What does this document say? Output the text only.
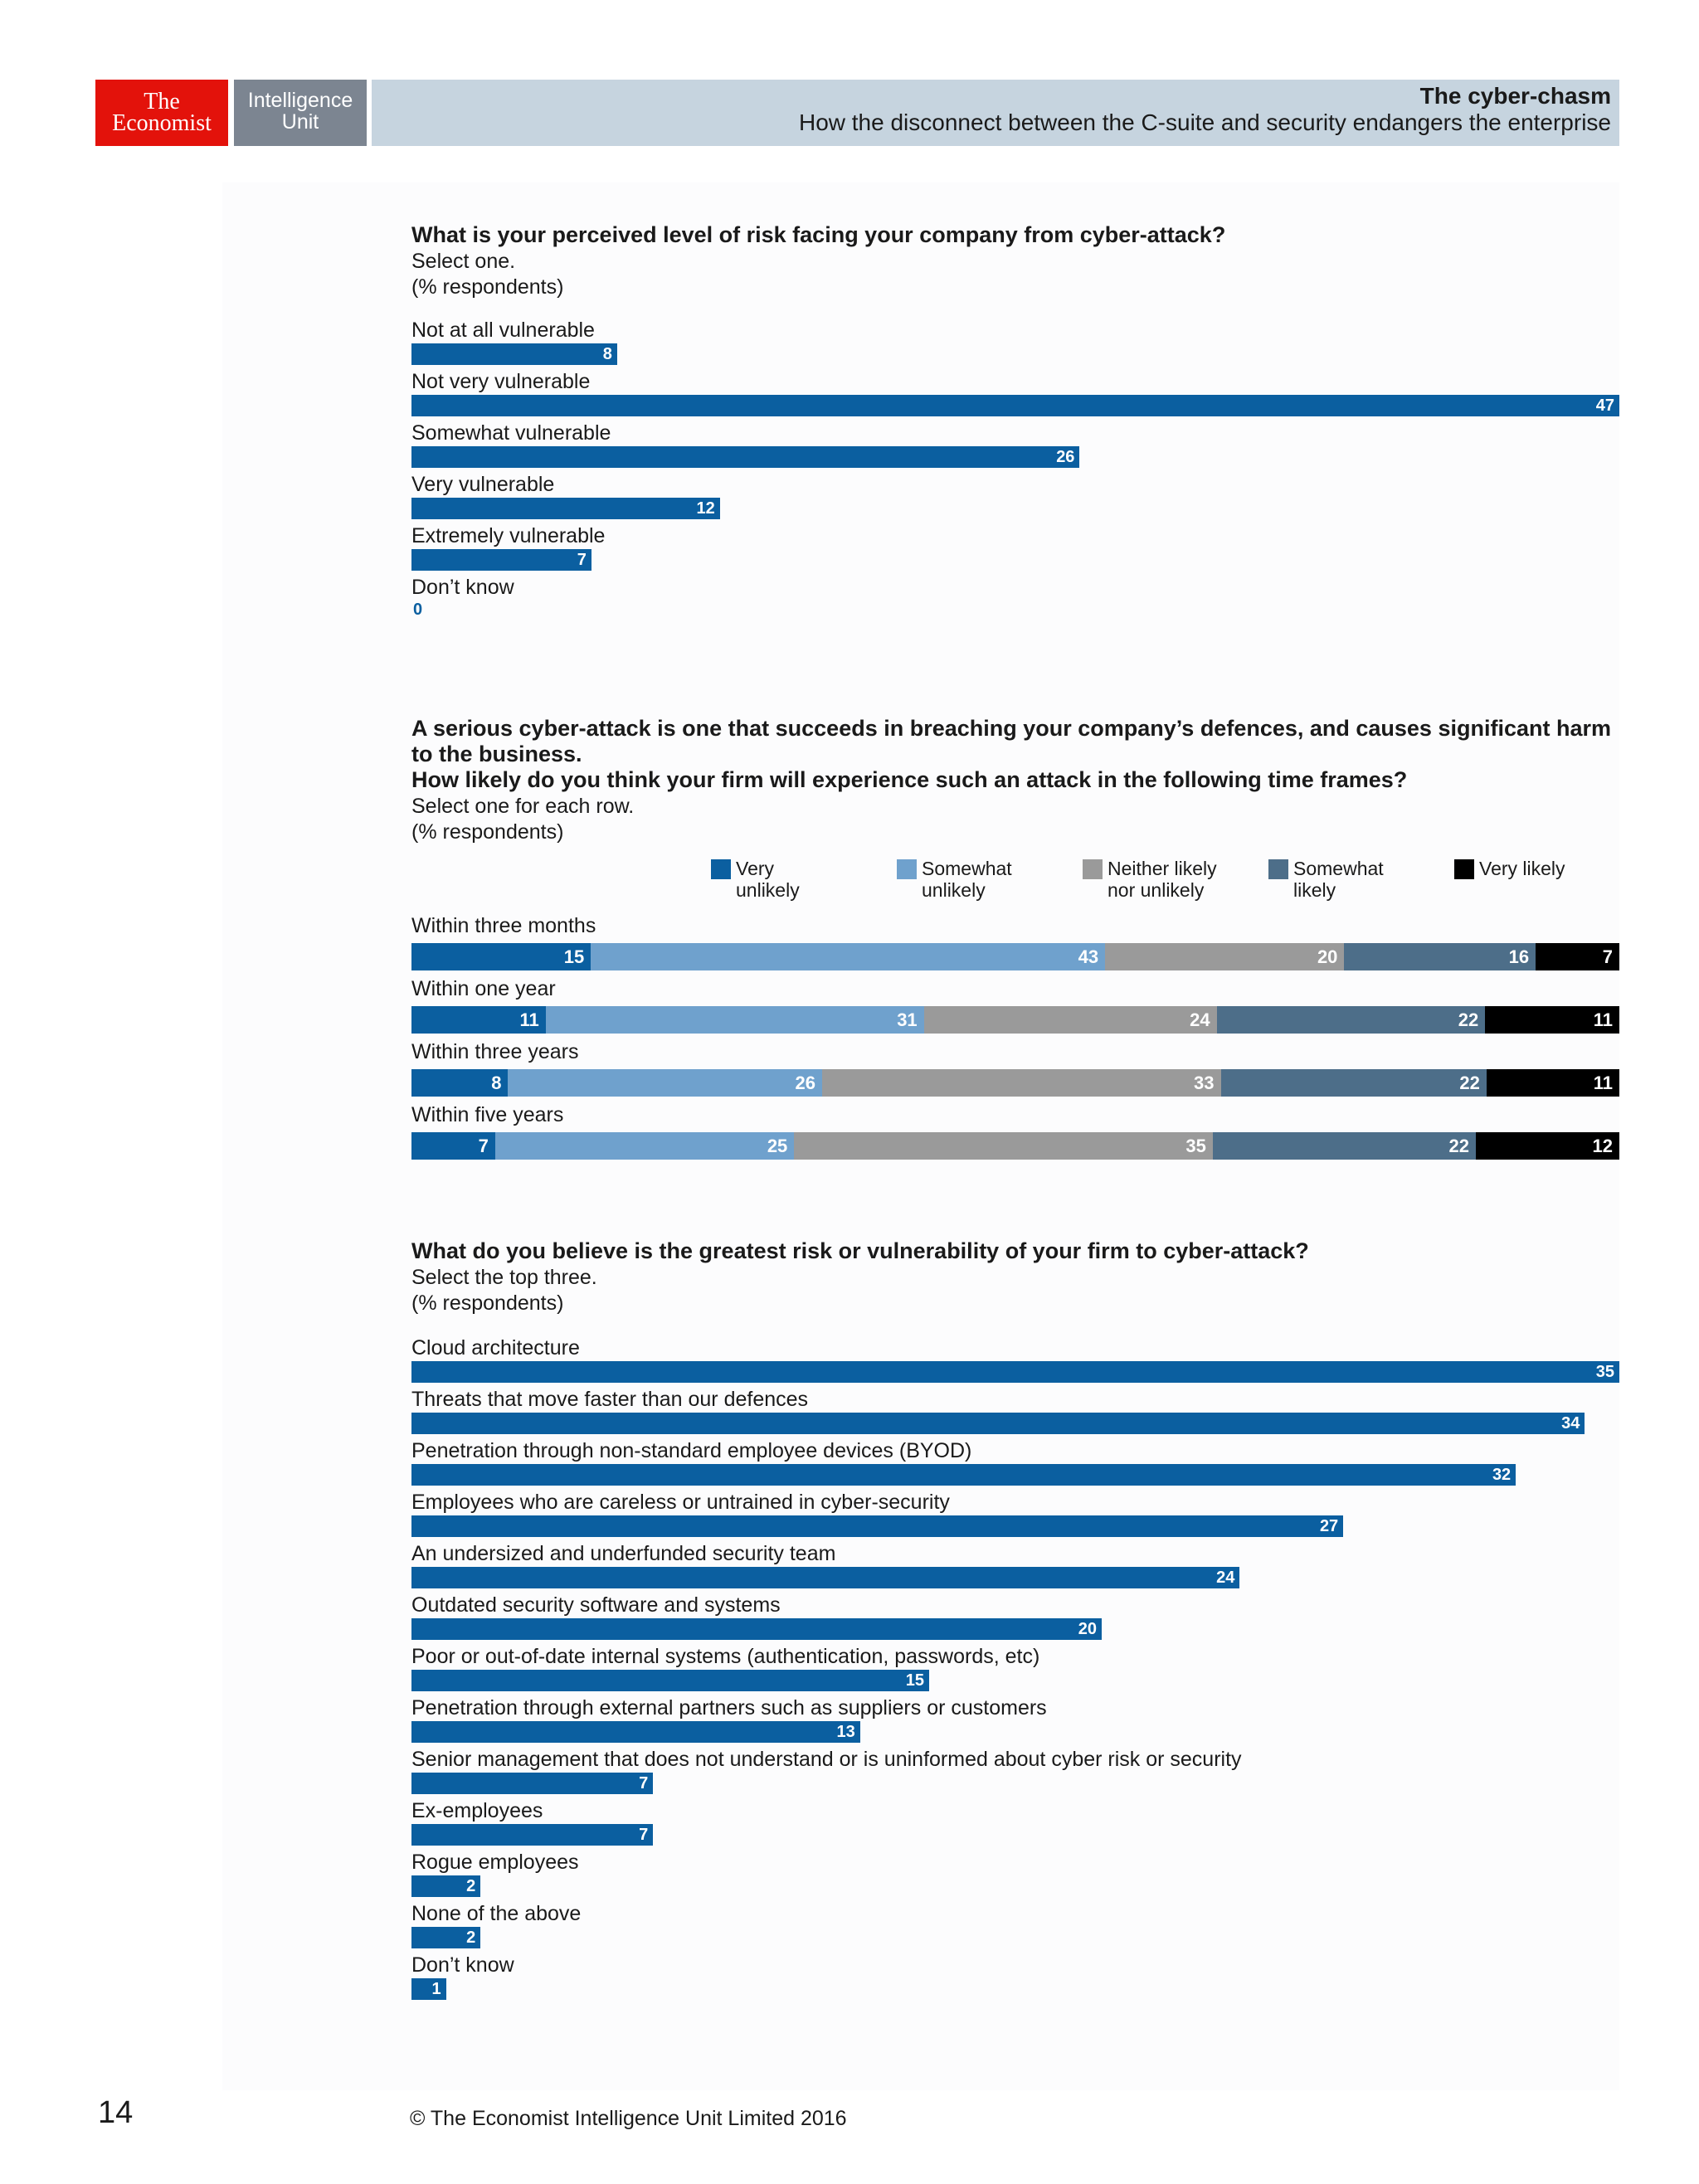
The
Economist
Intelligence
Unit
The cyber-chasm
How the disconnect between the C-suite and security endangers the enterprise
What is your perceived level of risk facing your company from cyber-attack?
Select one.
(% respondents)
Not at all vulnerable
8
Not very vulnerable
47
Somewhat vulnerable
26
Very vulnerable
12
Extremely vulnerable
7
Don’t know
0
A serious cyber-attack is one that succeeds in breaching your company’s defences, and causes significant harm to the business.
How likely do you think your firm will experience such an attack in the following time frames?
Select one for each row.
(% respondents)
Very
unlikely
Somewhat
unlikely
Neither likely
nor unlikely
Somewhat
likely
Very likely
Within three months
15	43	20	16	7
Within one year
11	31	24	22	11
Within three years
8	26	33	22	11
Within five years
7	25	35	22	12
What do you believe is the greatest risk or vulnerability of your firm to cyber-attack?
Select the top three.
(% respondents)
Cloud architecture
35
Threats that move faster than our defences
34
Penetration through non-standard employee devices (BYOD)
32
Employees who are careless or untrained in cyber-security
27
An undersized and underfunded security team
24
Outdated security software and systems
20
Poor or out-of-date internal systems (authentication, passwords, etc)
15
Penetration through external partners such as suppliers or customers
13
Senior management that does not understand or is uninformed about cyber risk or security
7
Ex-employees
7
Rogue employees
2
None of the above
2
Don’t know
1
14	© The Economist Intelligence Unit Limited 2016
